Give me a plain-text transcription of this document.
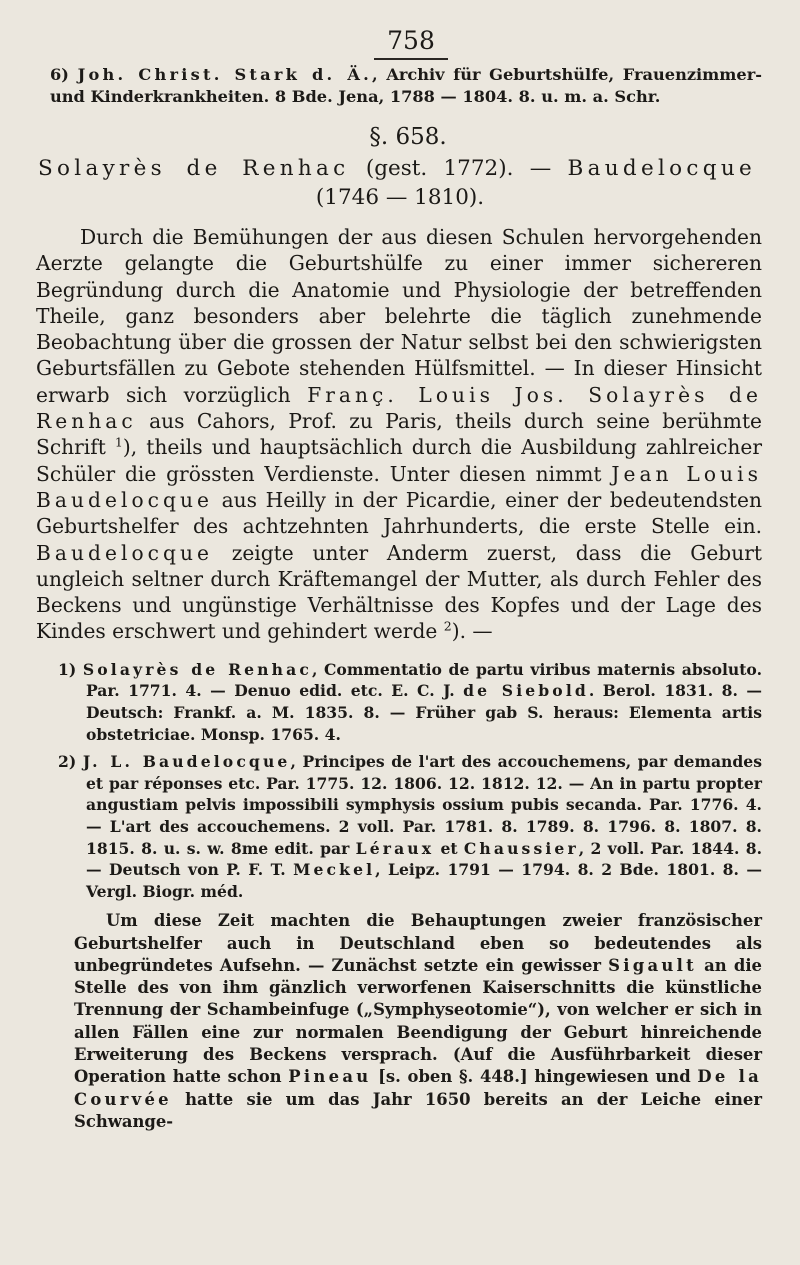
758
6) Joh. Christ. Stark d. Ä., Archiv für Geburtshülfe, Frauenzimmer- und Kinderkrankheiten. 8 Bde. Jena, 1788 — 1804. 8. u. m. a. Schr.
§. 658.
Solayrès de Renhac (gest. 1772). — Baudelocque
(1746 — 1810).
Durch die Bemühungen der aus diesen Schulen hervorgehenden Aerzte gelangte die Geburtshülfe zu einer immer sichereren Begründung durch die Anatomie und Physiologie der betreffenden Theile, ganz besonders aber belehrte die täglich zunehmende Beobachtung über die grossen der Natur selbst bei den schwierigsten Geburtsfällen zu Gebote stehenden Hülfsmittel. — In dieser Hinsicht erwarb sich vorzüglich Franç. Louis Jos. Solayrès de Renhac aus Cahors, Prof. zu Paris, theils durch seine berühmte Schrift $^1$), theils und hauptsächlich durch die Ausbildung zahlreicher Schüler die grössten Verdienste. Unter diesen nimmt Jean Louis Baudelocque aus Heilly in der Picardie, einer der bedeutendsten Geburtshelfer des achtzehnten Jahrhunderts, die erste Stelle ein. Baudelocque zeigte unter Anderm zuerst, dass die Geburt ungleich seltner durch Kräftemangel der Mutter, als durch Fehler des Beckens und ungünstige Verhältnisse des Kopfes und der Lage des Kindes erschwert und gehindert werde $^2$). —
1) Solayrès de Renhac, Commentatio de partu viribus maternis absoluto. Par. 1771. 4. — Denuo edid. etc. E. C. J. de Siebold. Berol. 1831. 8. — Deutsch: Frankf. a. M. 1835. 8. — Früher gab S. heraus: Elementa artis obstetriciae. Monsp. 1765. 4.
2) J. L. Baudelocque, Principes de l'art des accouchemens, par demandes et par réponses etc. Par. 1775. 12. 1806. 12. 1812. 12. — An in partu propter angustiam pelvis impossibili symphysis ossium pubis secanda. Par. 1776. 4. — L'art des accouchemens. 2 voll. Par. 1781. 8. 1789. 8. 1796. 8. 1807. 8. 1815. 8. u. s. w. 8me edit. par Léraux et Chaussier, 2 voll. Par. 1844. 8. — Deutsch von P. F. T. Meckel, Leipz. 1791 — 1794. 8. 2 Bde. 1801. 8. — Vergl. Biogr. méd.
Um diese Zeit machten die Behauptungen zweier französischer Geburtshelfer auch in Deutschland eben so bedeutendes als unbegründetes Aufsehn. — Zunächst setzte ein gewisser Sigault an die Stelle des von ihm gänzlich verworfenen Kaiserschnitts die künstliche Trennung der Schambeinfuge („Symphyseotomie“), von welcher er sich in allen Fällen eine zur normalen Beendigung der Geburt hinreichende Erweiterung des Beckens versprach. (Auf die Ausführbarkeit dieser Operation hatte schon Pineau [s. oben §. 448.] hingewiesen und De la Courvée hatte sie um das Jahr 1650 bereits an der Leiche einer Schwange-
